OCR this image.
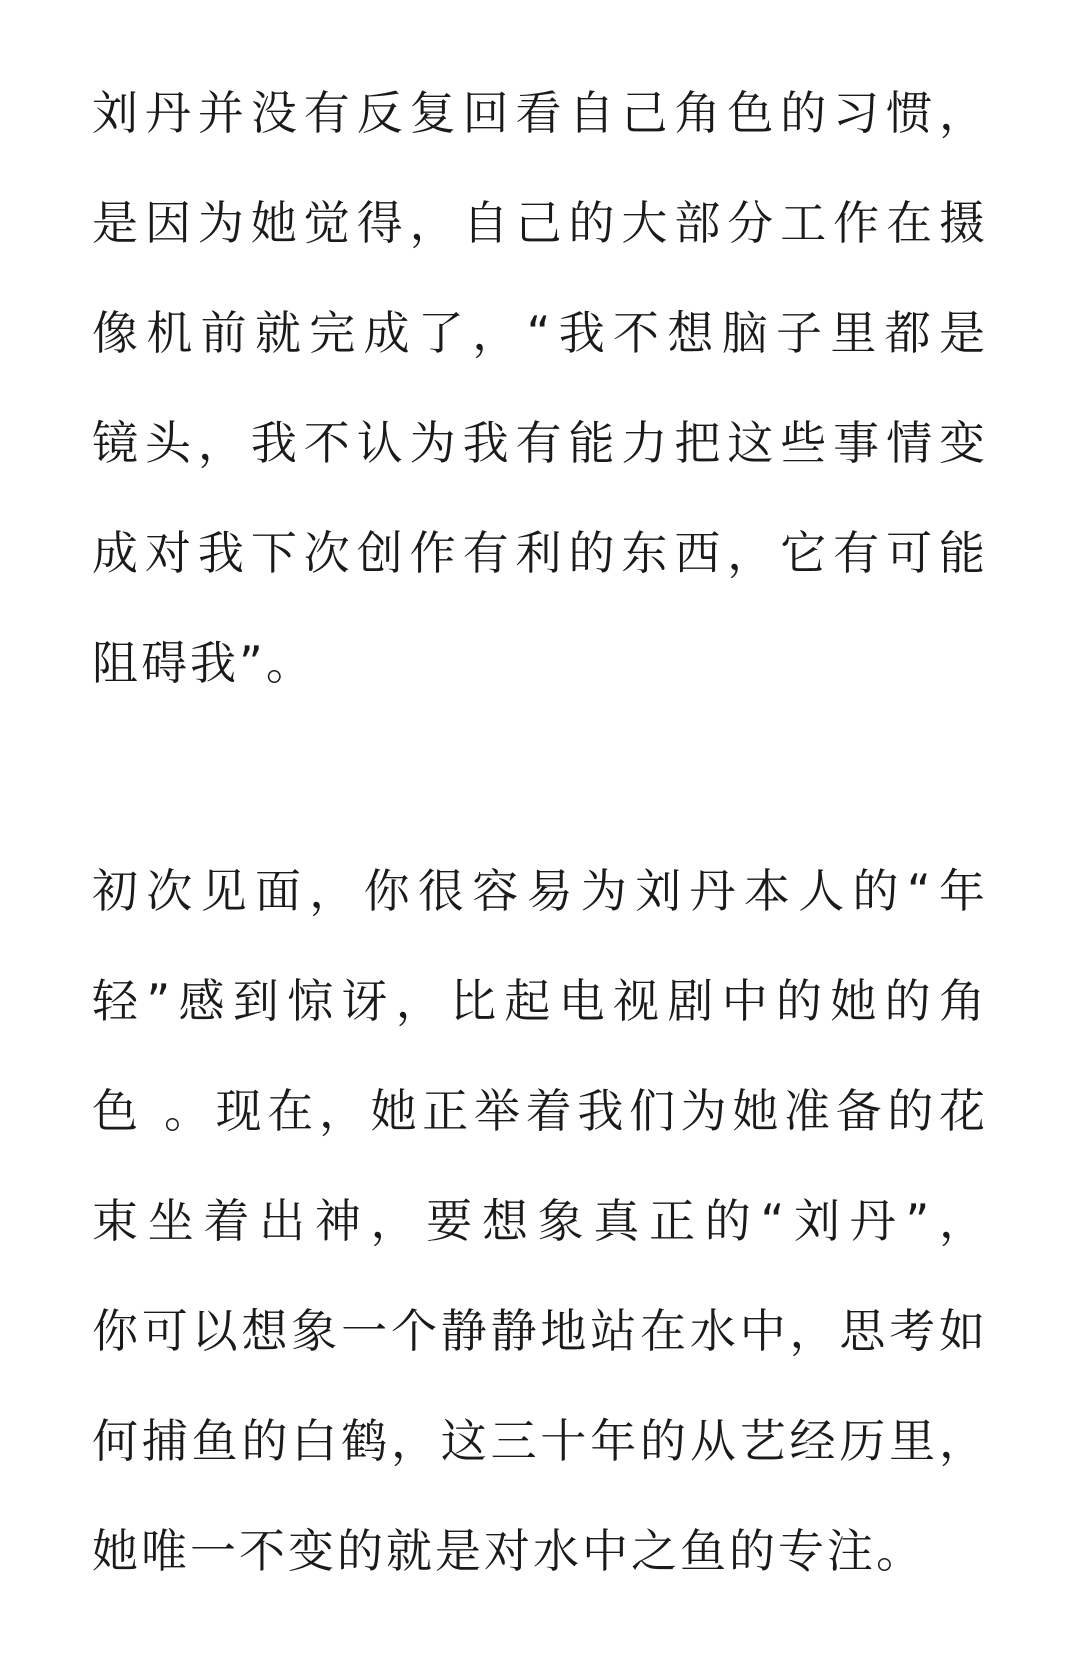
刘丹并没有反复回看自己角色的习惯，
是因为她觉得，自己的大部分工作在摄
像机前就完成了，“我不想脑子里都是
镜头，我不认为我有能力把这些事情变
成对我下次创作有利的东西，它有可能
阻碍我”。
初次见面，你很容易为刘丹本人的“年
轻”感到惊讶，比起电视剧中的她的角
色 。现在，她正举着我们为她准备的花
束坐着出神，要想象真正的“刘丹”，
你可以想象一个静静地站在水中，思考如
何捕鱼的白鹤，这三十年的从艺经历里，
她唯一不变的就是对水中之鱼的专注。
